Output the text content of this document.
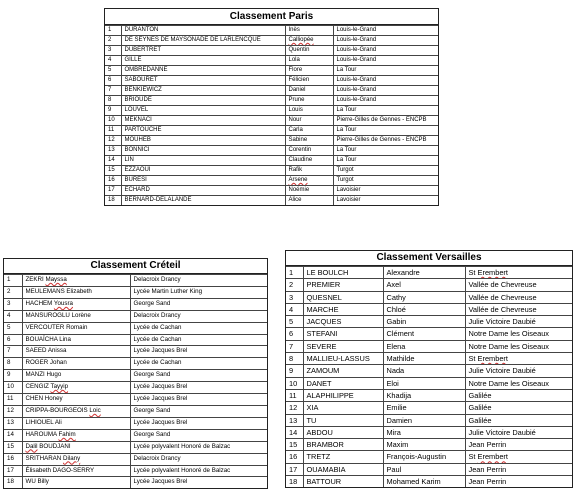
Classement Paris
1	DURANTON	Inès	Louis-le-Grand
2	DE SEYNES DE MAYSONADE DE LARLENCQUE	Calliopée	Louis-le-Grand
3	DUBERTRET	Quentin	Louis-le-Grand
4	GILLE	Lola	Louis-le-Grand
5	OMBREDANNE	Flore	La Tour
6	SABOURET	Félicien	Louis-le-Grand
7	BENKIEWICZ	Daniel	Louis-le-Grand
8	BRIOUDE	Prune	Louis-le-Grand
9	LOUVEL	Louis	La Tour
10	MEKNACI	Nour	Pierre-Gilles de Gennes - ENCPB
11	PARTOUCHE	Carla	La Tour
12	MOUHEB	Sabine	Pierre-Gilles de Gennes - ENCPB
13	BONNICI	Corentin	La Tour
14	LIN	Claudine	La Tour
15	EZZAOUI	Rafik	Turgot
16	BURESI	Arsene	Turgot
17	ECHARD	Noémie	Lavoisier
18	BERNARD-DELALANDE	Alice	Lavoisier
Classement Créteil
1	ZEKRI Mayssa	Delacroix Drancy
2	MEULEMANS Elizabeth	Lycée Martin Luther King
3	HACHEM Yousra	George Sand
4	MANSUROGLU Lorène	Delacroix Drancy
5	VERCOUTER Romain	Lycée de Cachan
6	BOUAÏCHA Lina	Lycée de Cachan
7	SAEED Anissa	Lycée Jacques Brel
8	ROGER Johan	Lycée de Cachan
9	MANZI Hugo	George Sand
10	CENGIZ Tayyip	Lycée Jacques Brel
11	CHEN Honey	Lycée Jacques Brel
12	CRIPPA-BOURGEOIS Loic	George Sand
13	LIHIOUEL Ali	Lycée Jacques Brel
14	HAROUMA Fahim	George Sand
15	Dalil BOUDJANI	Lycée polyvalent Honoré de Balzac
16	SRITHARAN Dilany	Delacroix Drancy
17	Élisabeth DAGO-SERRY	Lycée polyvalent Honoré de Balzac
18	WU Billy	Lycée Jacques Brel
Classement Versailles
1	LE BOULCH	Alexandre	St Erembert
2	PREMIER	Axel	Vallée de Chevreuse
3	QUESNEL	Cathy	Vallée de Chevreuse
4	MARCHE	Chloé	Vallée de Chevreuse
5	JACQUES	Gabin	Julie Victoire Daubié
6	STEFANI	Clément	Notre Dame les Oiseaux
7	SEVERE	Elena	Notre Dame les Oiseaux
8	MALLIEU-LASSUS	Mathilde	St Erembert
9	ZAMOUM	Nada	Julie Victoire Daubié
10	DANET	Eloi	Notre Dame les Oiseaux
11	ALAPHILIPPE	Khadija	Galilée
12	XIA	Emilie	Galilée
13	TU	Damien	Galilée
14	ABDOU	Mira	Julie Victoire Daubié
15	BRAMBOR	Maxim	Jean Perrin
16	TRETZ	François-Augustin	St Erembert
17	OUAMABIA	Paul	Jean Perrin
18	BATTOUR	Mohamed Karim	Jean Perrin
